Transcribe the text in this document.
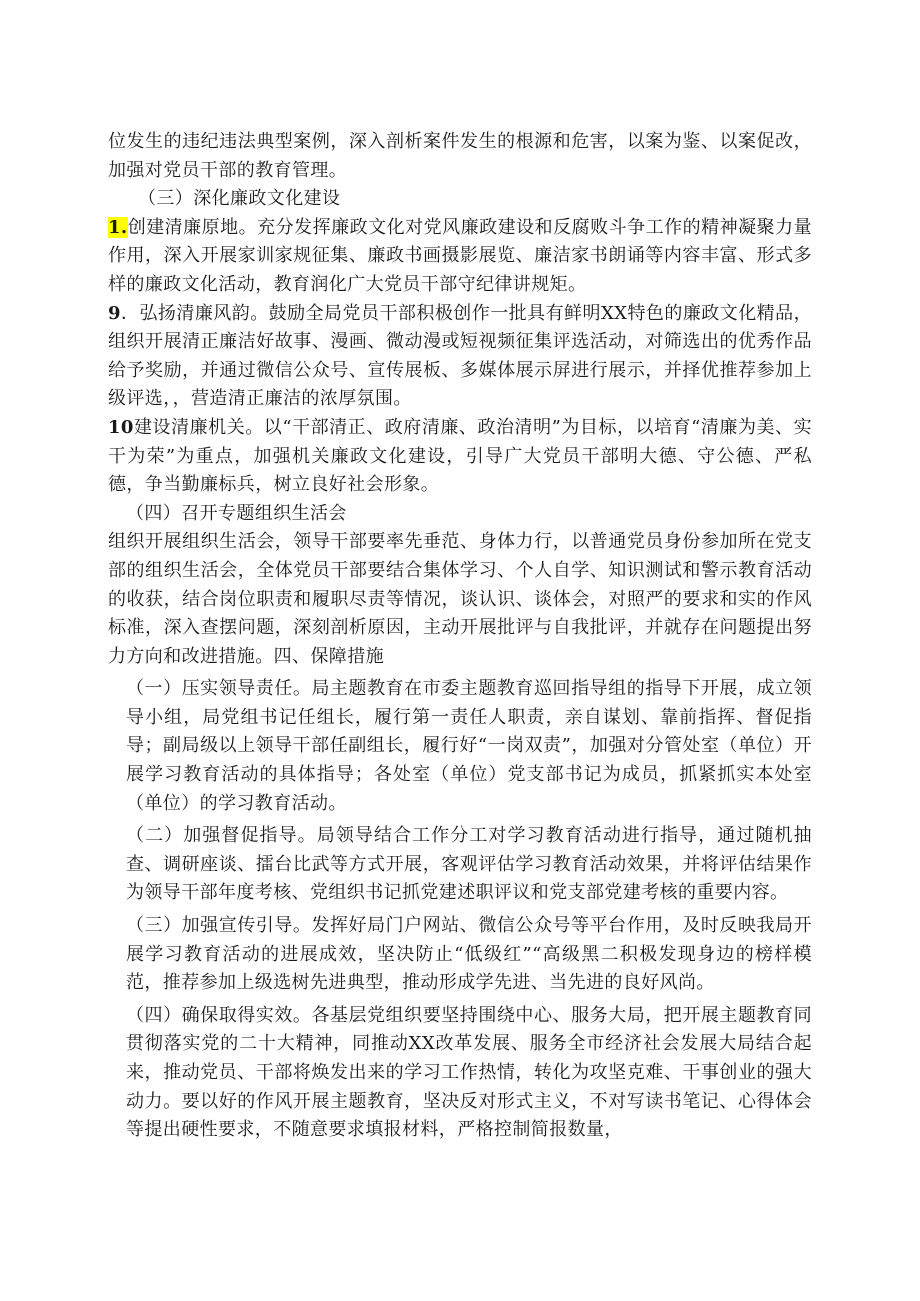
位发生的违纪违法典型案例，深入剖析案件发生的根源和危害，以案为鉴、以案促改，加强对党员干部的教育管理。

（三）深化廉政文化建设

1.创建清廉原地。充分发挥廉政文化对党风廉政建设和反腐败斗争工作的精神凝聚力量作用，深入开展家训家规征集、廉政书画摄影展览、廉洁家书朗诵等内容丰富、形式多样的廉政文化活动，教育润化广大党员干部守纪律讲规矩。

9．弘扬清廉风韵。鼓励全局党员干部积极创作一批具有鲜明XX特色的廉政文化精品，组织开展清正廉洁好故事、漫画、微动漫或短视频征集评选活动，对筛选出的优秀作品给予奖励，并通过微信公众号、宣传展板、多媒体展示屏进行展示，并择优推荐参加上级评选，，营造清正廉洁的浓厚氛围。

10建设清廉机关。以“干部清正、政府清廉、政治清明”为目标，以培育“清廉为美、实干为荣”为重点，加强机关廉政文化建设，引导广大党员干部明大德、守公德、严私德，争当勤廉标兵，树立良好社会形象。

（四）召开专题组织生活会

组织开展组织生活会，领导干部要率先垂范、身体力行，以普通党员身份参加所在党支部的组织生活会，全体党员干部要结合集体学习、个人自学、知识测试和警示教育活动的收获，结合岗位职责和履职尽责等情况，谈认识、谈体会，对照严的要求和实的作风标准，深入查摆问题，深刻剖析原因，主动开展批评与自我批评，并就存在问题提出努力方向和改进措施。四、保障措施

（一）压实领导责任。局主题教育在市委主题教育巡回指导组的指导下开展，成立领导小组，局党组书记任组长，履行第一责任人职责，亲自谋划、靠前指挥、督促指导；副局级以上领导干部任副组长，履行好“一岗双责”，加强对分管处室（单位）开展学习教育活动的具体指导；各处室（单位）党支部书记为成员，抓紧抓实本处室（单位）的学习教育活动。

（二）加强督促指导。局领导结合工作分工对学习教育活动进行指导，通过随机抽查、调研座谈、擂台比武等方式开展，客观评估学习教育活动效果，并将评估结果作为领导干部年度考核、党组织书记抓党建述职评议和党支部党建考核的重要内容。

（三）加强宣传引导。发挥好局门户网站、微信公众号等平台作用，及时反映我局开展学习教育活动的进展成效，坚决防止“低级红”“高级黑二积极发现身边的榜样模范，推荐参加上级选树先进典型，推动形成学先进、当先进的良好风尚。

（四）确保取得实效。各基层党组织要坚持围绕中心、服务大局，把开展主题教育同贯彻落实党的二十大精神，同推动XX改革发展、服务全市经济社会发展大局结合起来，推动党员、干部将焕发出来的学习工作热情，转化为攻坚克难、干事创业的强大动力。要以好的作风开展主题教育，坚决反对形式主义，不对写读书笔记、心得体会等提出硬性要求，不随意要求填报材料，严格控制简报数量，
